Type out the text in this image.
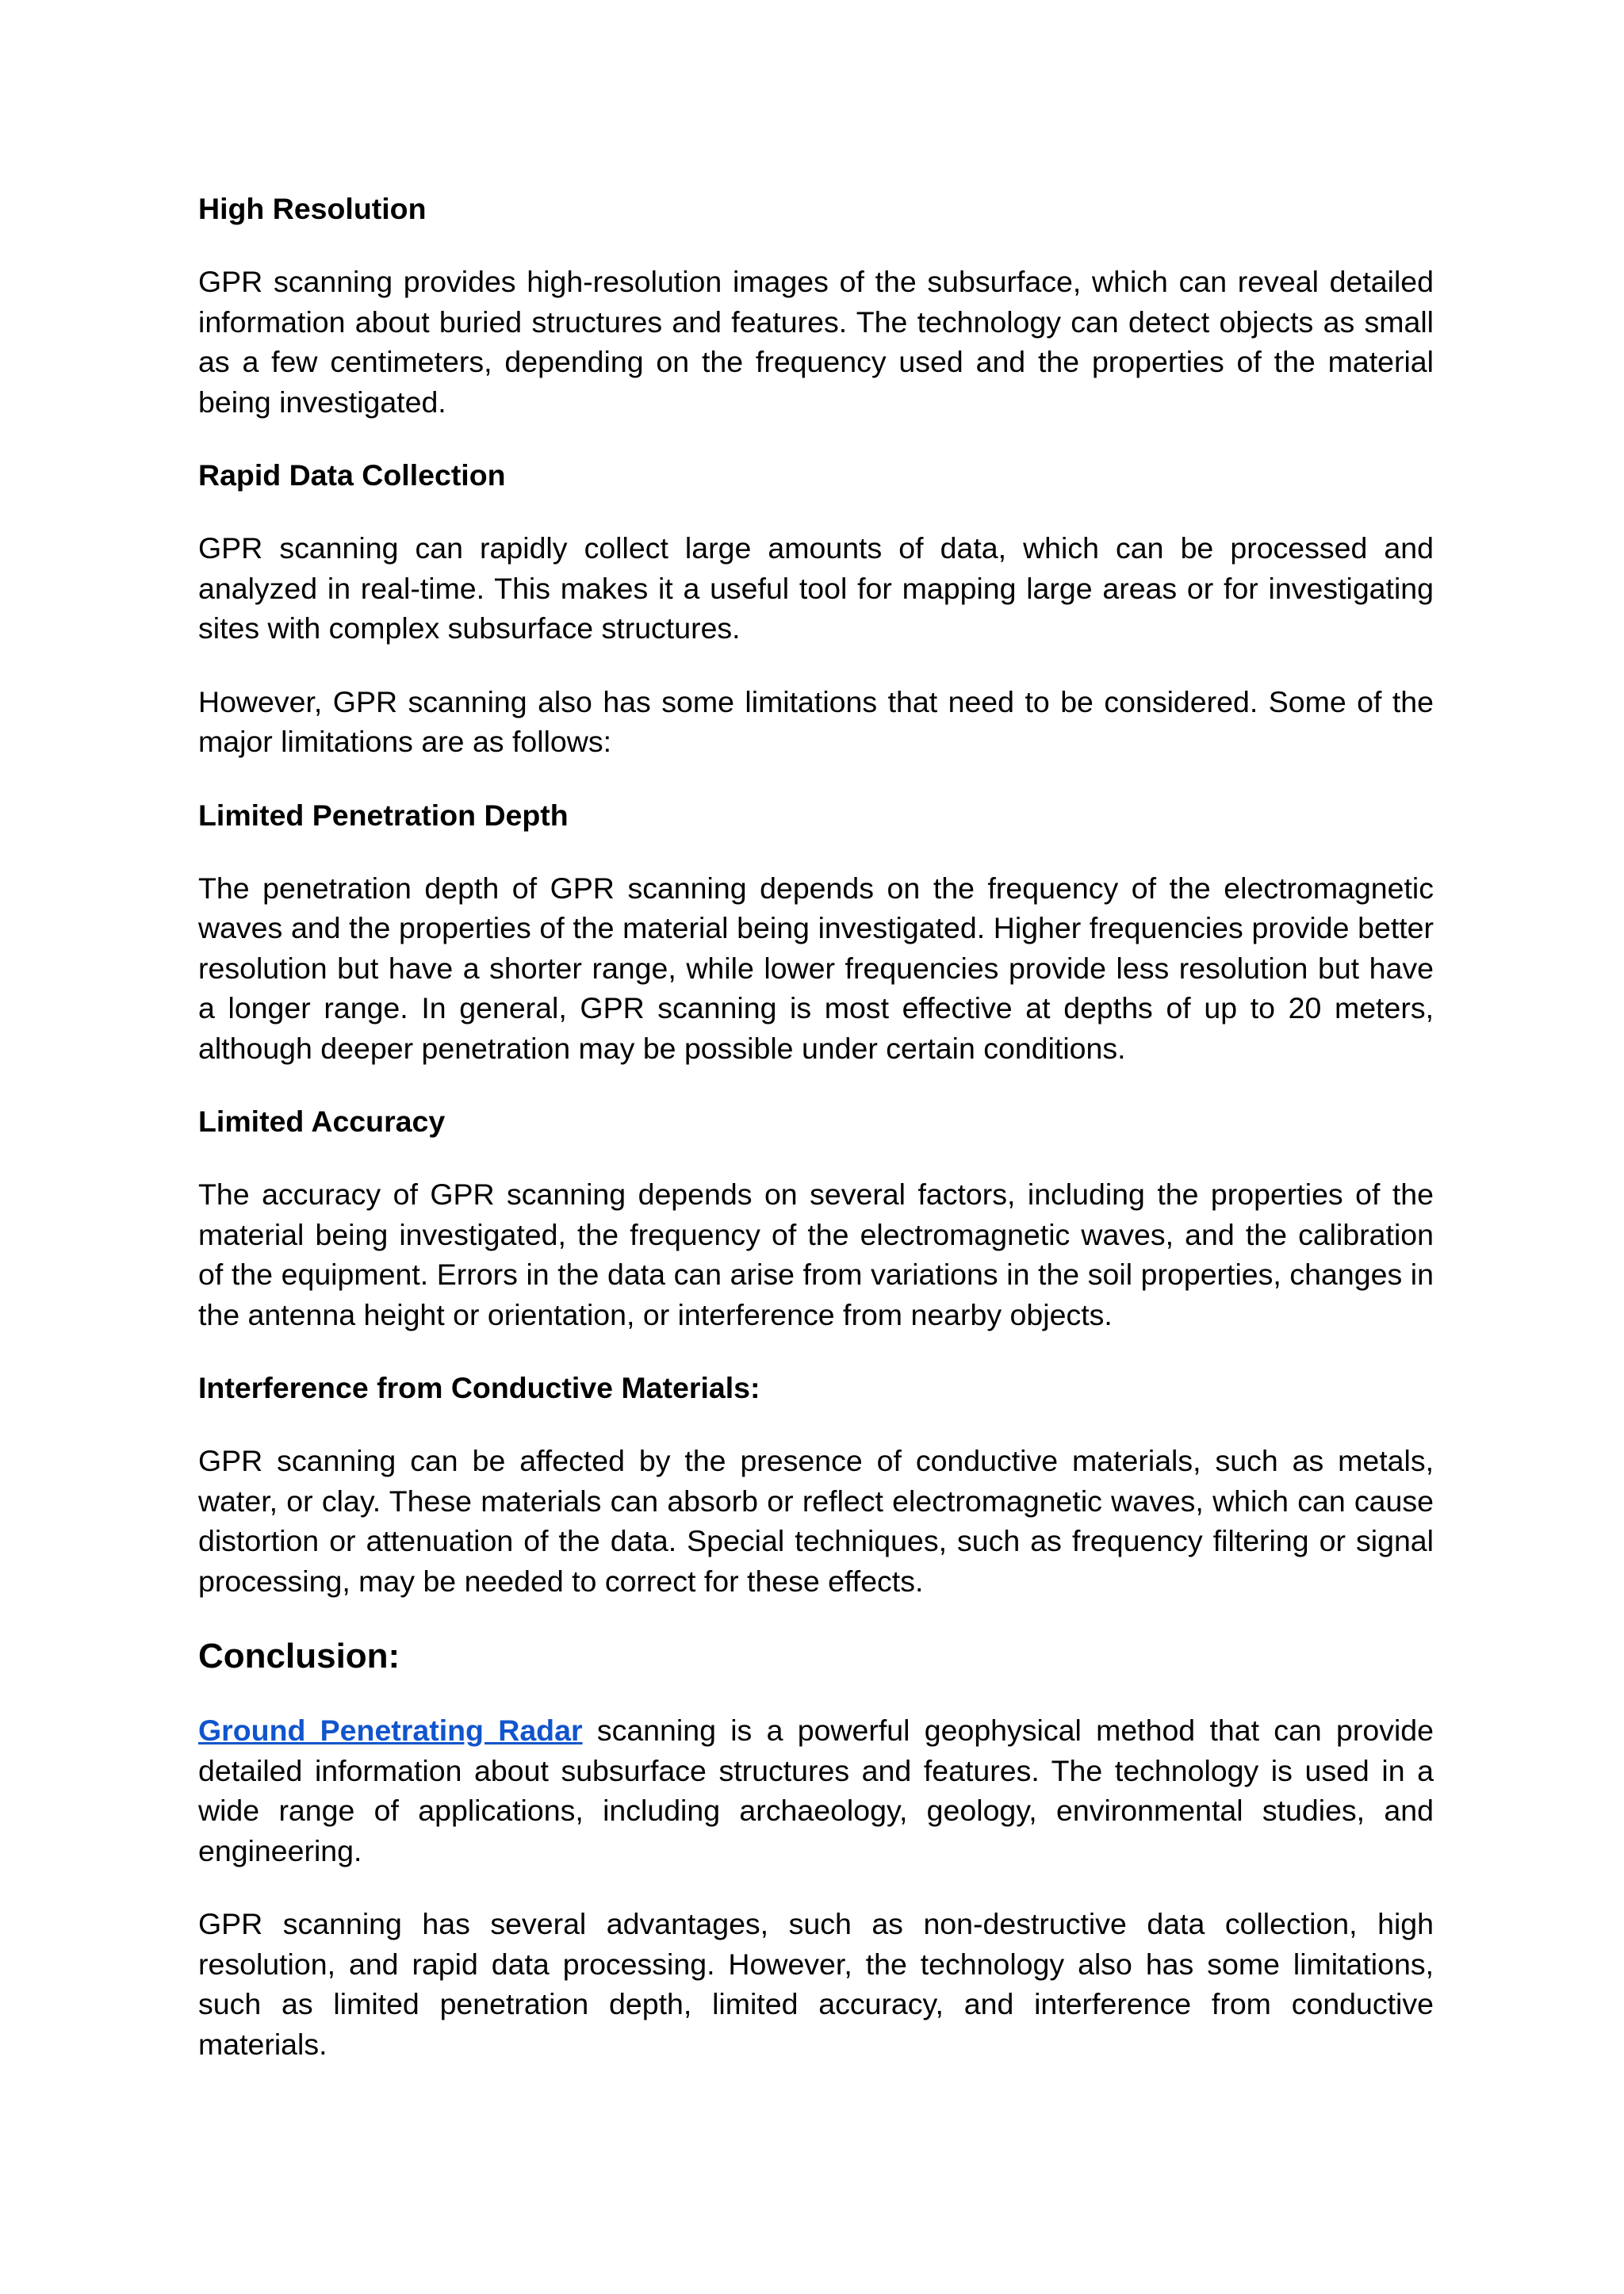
High Resolution

GPR scanning provides high-resolution images of the subsurface, which can reveal detailed information about buried structures and features. The technology can detect objects as small as a few centimeters, depending on the frequency used and the properties of the material being investigated.

Rapid Data Collection

GPR scanning can rapidly collect large amounts of data, which can be processed and analyzed in real-time. This makes it a useful tool for mapping large areas or for investigating sites with complex subsurface structures.

However, GPR scanning also has some limitations that need to be considered. Some of the major limitations are as follows:

Limited Penetration Depth

The penetration depth of GPR scanning depends on the frequency of the electromagnetic waves and the properties of the material being investigated. Higher frequencies provide better resolution but have a shorter range, while lower frequencies provide less resolution but have a longer range. In general, GPR scanning is most effective at depths of up to 20 meters, although deeper penetration may be possible under certain conditions.

Limited Accuracy

The accuracy of GPR scanning depends on several factors, including the properties of the material being investigated, the frequency of the electromagnetic waves, and the calibration of the equipment. Errors in the data can arise from variations in the soil properties, changes in the antenna height or orientation, or interference from nearby objects.

Interference from Conductive Materials:

GPR scanning can be affected by the presence of conductive materials, such as metals, water, or clay. These materials can absorb or reflect electromagnetic waves, which can cause distortion or attenuation of the data. Special techniques, such as frequency filtering or signal processing, may be needed to correct for these effects.

Conclusion:

Ground Penetrating Radar scanning is a powerful geophysical method that can provide detailed information about subsurface structures and features. The technology is used in a wide range of applications, including archaeology, geology, environmental studies, and engineering.

GPR scanning has several advantages, such as non-destructive data collection, high resolution, and rapid data processing. However, the technology also has some limitations, such as limited penetration depth, limited accuracy, and interference from conductive materials.
